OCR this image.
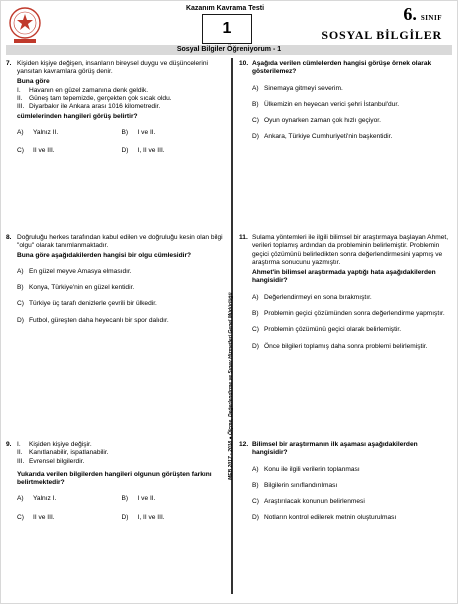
Kazanım Kavrama Testi
1
6. SINIF
SOSYAL BİLGİLER
Sosyal Bilgiler Öğreniyorum - 1
MEB 2017 - 2018 ● Ölçme, Değerlendirme ve Sınav Hizmetleri Genel Müdürlüğü
7. Kişiden kişiye değişen, insanların bireysel duygu ve düşüncelerini yansıtan kavramlara görüş denir.

Buna göre

I.	Havanın en güzel zamanına denk geldik.
II. Güneş tam tepemizde, gerçekten çok sıcak oldu.
III. Diyarbakır ile Ankara arası 1016 kilometredir.

cümlelerinden hangileri görüş belirtir?

A)	Yalnız II.	B)	I ve II.
C)	II ve III.	D)	I, II ve III.
8. Doğruluğu herkes tarafından kabul edilen ve doğruluğu kesin olan bilgi "olgu" olarak tanımlanmaktadır.

Buna göre aşağıdakilerden hangisi bir olgu cümlesidir?

A) En güzel meyve Amasya elmasıdır.
B) Konya, Türkiye'nin en güzel kentidir.
C) Türkiye üç tarafı denizlerle çevrili bir ülkedir.
D) Futbol, güreşten daha heyecanlı bir spor dalıdır.
9. I.	Kişiden kişiye değişir.
II. Kanıtlanabilir, ispatlanabilir.
III. Evrensel bilgilerdir.

Yukarıda verilen bilgilerden hangileri olgunun görüşten farkını belirtmektedir?

A)	Yalnız I.	B)	I ve II.
C)	II ve III.	D)	I, II ve III.
10. Aşağıda verilen cümlelerden hangisi görüşe örnek olarak gösterilemez?

A) Sinemaya gitmeyi severim.
B) Ülkemizin en heyecan verici şehri İstanbul'dur.
C) Oyun oynarken zaman çok hızlı geçiyor.
D) Ankara, Türkiye Cumhuriyeti'nin başkentidir.
11. Sulama yöntemleri ile ilgili bilimsel bir araştırmaya başlayan Ahmet, verileri toplamış ardından da probleminin belirlemiştir. Problemin geçici çözümünü belirledikten sonra değerlendirmesini yapmış ve araştırma sonucunu yazmıştır.

Ahmet'in bilimsel araştırmada yaptığı hata aşağıdakilerden hangisidir?

A) Değerlendirmeyi en sona bırakmıştır.
B) Problemin geçici çözümünden sonra değerlendirme yapmıştır.
C) Problemin çözümünü geçici olarak belirlemiştir.
D) Önce bilgileri toplamış daha sonra problemi belirlemiştir.
12. Bilimsel bir araştırmanın ilk aşaması aşağıdakilerden hangisidir?

A) Konu ile ilgili verilerin toplanması
B) Bilgilerin sınıflandırılması
C) Araştırılacak konunun belirlenmesi
D) Notların kontrol edilerek metnin oluşturulması
